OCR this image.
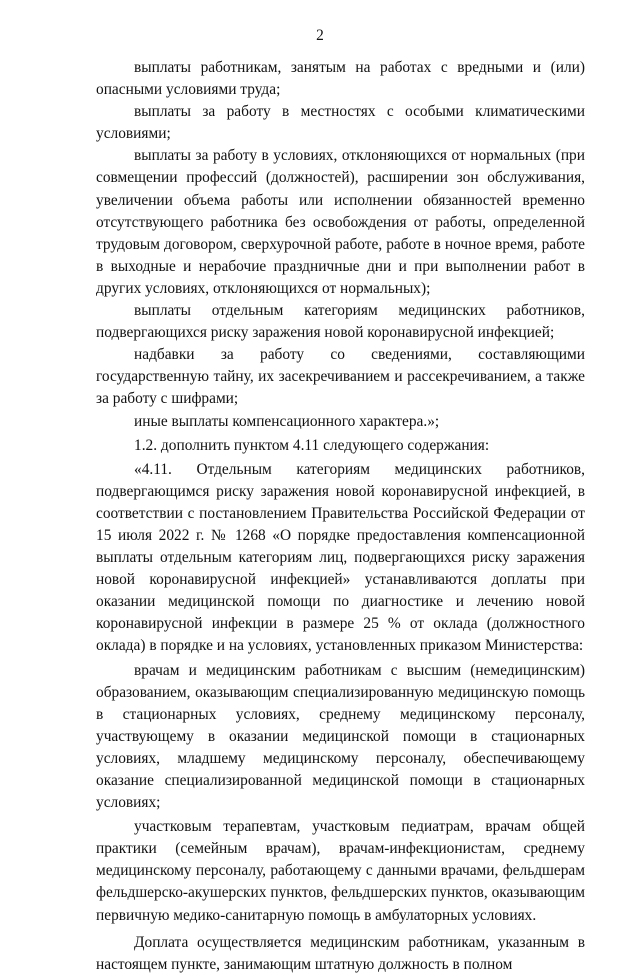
2

выплаты работникам, занятым на работах с вредными и (или) опасными условиями труда;

выплаты за работу в местностях с особыми климатическими условиями;

выплаты за работу в условиях, отклоняющихся от нормальных (при совмещении профессий (должностей), расширении зон обслуживания, увеличении объема работы или исполнении обязанностей временно отсутствующего работника без освобождения от работы, определенной трудовым договором, сверхурочной работе, работе в ночное время, работе в выходные и нерабочие праздничные дни и при выполнении работ в других условиях, отклоняющихся от нормальных);

выплаты отдельным категориям медицинских работников, подвергающихся риску заражения новой коронавирусной инфекцией;

надбавки за работу со сведениями, составляющими государственную тайну, их засекречиванием и рассекречиванием, а также за работу с шифрами;

иные выплаты компенсационного характера.»;

1.2. дополнить пунктом 4.11 следующего содержания:

«4.11. Отдельным категориям медицинских работников, подвергающимся риску заражения новой коронавирусной инфекцией, в соответствии с постановлением Правительства Российской Федерации от 15 июля 2022 г. № 1268 «О порядке предоставления компенсационной выплаты отдельным категориям лиц, подвергающихся риску заражения новой коронавирусной инфекцией» устанавливаются доплаты при оказании медицинской помощи по диагностике и лечению новой коронавирусной инфекции в размере 25 % от оклада (должностного оклада) в порядке и на условиях, установленных приказом Министерства:

врачам и медицинским работникам с высшим (немедицинским) образованием, оказывающим специализированную медицинскую помощь в стационарных условиях, среднему медицинскому персоналу, участвующему в оказании медицинской помощи в стационарных условиях, младшему медицинскому персоналу, обеспечивающему оказание специализированной медицинской помощи в стационарных условиях;

участковым терапевтам, участковым педиатрам, врачам общей практики (семейным врачам), врачам-инфекционистам, среднему медицинскому персоналу, работающему с данными врачами, фельдшерам фельдшерско-акушерских пунктов, фельдшерских пунктов, оказывающим первичную медико-санитарную помощь в амбулаторных условиях.

Доплата осуществляется медицинским работникам, указанным в настоящем пункте, занимающим штатную должность в полном
